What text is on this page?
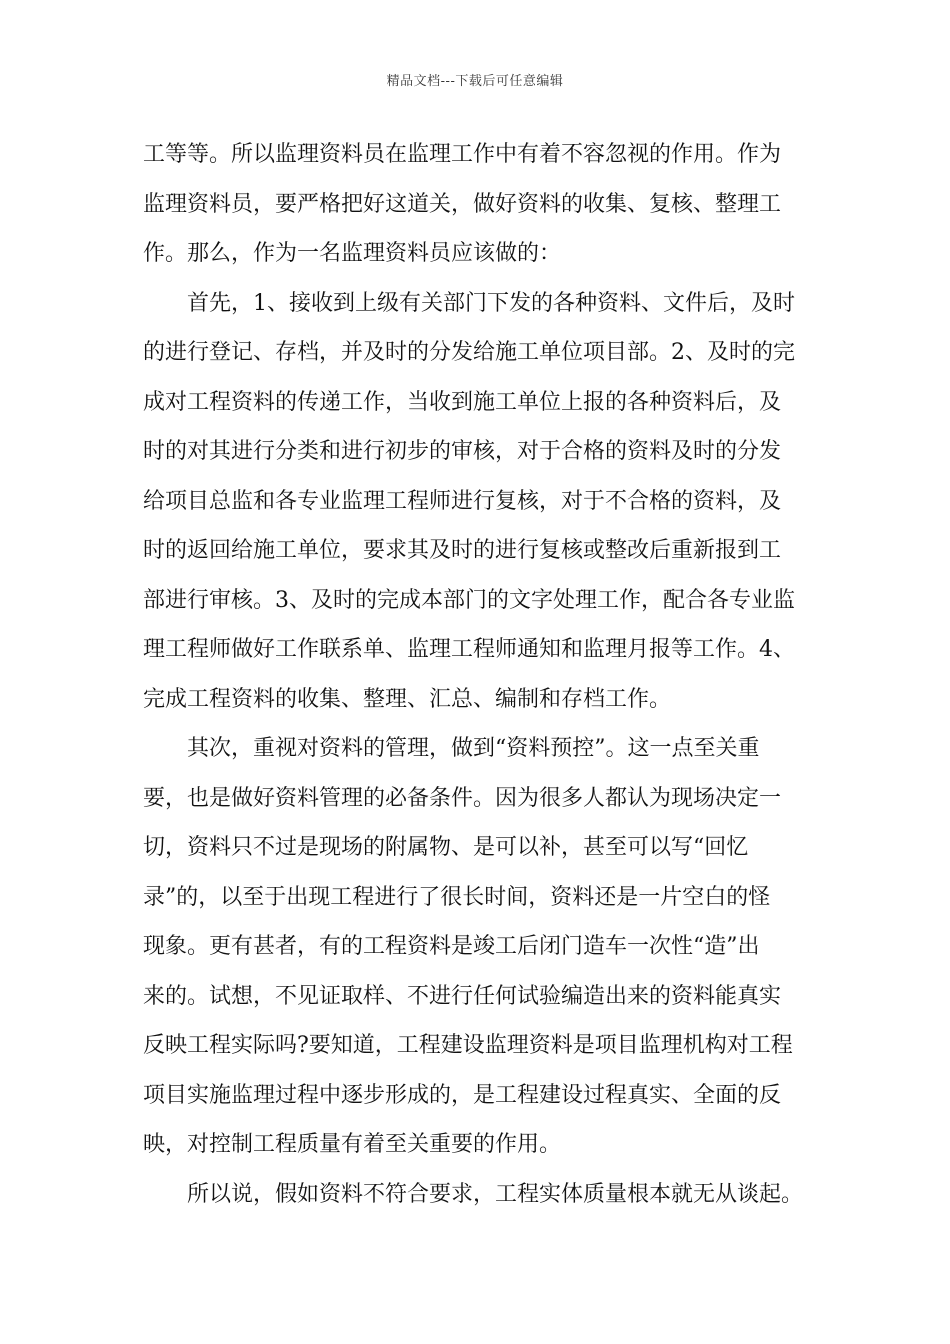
精品文档---下载后可任意编辑
工等等。所以监理资料员在监理工作中有着不容忽视的作用。作为
监理资料员，要严格把好这道关，做好资料的收集、复核、整理工
作。那么，作为一名监理资料员应该做的：
首先，1、接收到上级有关部门下发的各种资料、文件后，及时
的进行登记、存档，并及时的分发给施工单位项目部。2、及时的完
成对工程资料的传递工作，当收到施工单位上报的各种资料后，及
时的对其进行分类和进行初步的审核，对于合格的资料及时的分发
给项目总监和各专业监理工程师进行复核，对于不合格的资料，及
时的返回给施工单位，要求其及时的进行复核或整改后重新报到工
部进行审核。3、及时的完成本部门的文字处理工作，配合各专业监
理工程师做好工作联系单、监理工程师通知和监理月报等工作。4、
完成工程资料的收集、整理、汇总、编制和存档工作。
其次，重视对资料的管理，做到“资料预控”。这一点至关重
要，也是做好资料管理的必备条件。因为很多人都认为现场决定一
切，资料只不过是现场的附属物、是可以补，甚至可以写“回忆
录”的，以至于出现工程进行了很长时间，资料还是一片空白的怪
现象。更有甚者，有的工程资料是竣工后闭门造车一次性“造”出
来的。试想，不见证取样、不进行任何试验编造出来的资料能真实
反映工程实际吗?要知道，工程建设监理资料是项目监理机构对工程
项目实施监理过程中逐步形成的，是工程建设过程真实、全面的反
映，对控制工程质量有着至关重要的作用。
所以说，假如资料不符合要求，工程实体质量根本就无从谈起。
